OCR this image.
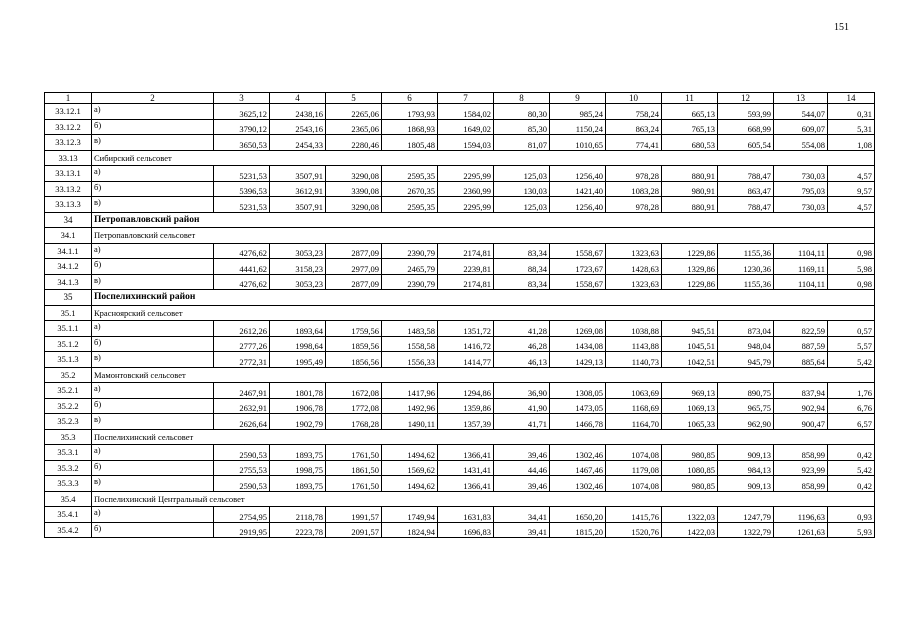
151
1	2	3	4	5	6	7	8	9	10	11	12	13	14
33.12.1	а)	3625,12	2438,16	2265,06	1793,93	1584,02	80,30	985,24	758,24	665,13	593,99	544,07	0,31
33.12.2	б)	3790,12	2543,16	2365,06	1868,93	1649,02	85,30	1150,24	863,24	765,13	668,99	609,07	5,31
33.12.3	в)	3650,53	2454,33	2280,46	1805,48	1594,03	81,07	1010,65	774,41	680,53	605,54	554,08	1,08
33.13	Сибирский сельсовет												
33.13.1	а)	5231,53	3507,91	3290,08	2595,35	2295,99	125,03	1256,40	978,28	880,91	788,47	730,03	4,57
33.13.2	б)	5396,53	3612,91	3390,08	2670,35	2360,99	130,03	1421,40	1083,28	980,91	863,47	795,03	9,57
33.13.3	в)	5231,53	3507,91	3290,08	2595,35	2295,99	125,03	1256,40	978,28	880,91	788,47	730,03	4,57
34	Петропавловский район												
34.1	Петропавловский сельсовет												
34.1.1	а)	4276,62	3053,23	2877,09	2390,79	2174,81	83,34	1558,67	1323,63	1229,86	1155,36	1104,11	0,98
34.1.2	б)	4441,62	3158,23	2977,09	2465,79	2239,81	88,34	1723,67	1428,63	1329,86	1230,36	1169,11	5,98
34.1.3	в)	4276,62	3053,23	2877,09	2390,79	2174,81	83,34	1558,67	1323,63	1229,86	1155,36	1104,11	0,98
35	Поспелихинский район												
35.1	Красноярский сельсовет												
35.1.1	а)	2612,26	1893,64	1759,56	1483,58	1351,72	41,28	1269,08	1038,88	945,51	873,04	822,59	0,57
35.1.2	б)	2777,26	1998,64	1859,56	1558,58	1416,72	46,28	1434,08	1143,88	1045,51	948,04	887,59	5,57
35.1.3	в)	2772,31	1995,49	1856,56	1556,33	1414,77	46,13	1429,13	1140,73	1042,51	945,79	885,64	5,42
35.2	Мамонтовский сельсовет												
35.2.1	а)	2467,91	1801,78	1672,08	1417,96	1294,86	36,90	1308,05	1063,69	969,13	890,75	837,94	1,76
35.2.2	б)	2632,91	1906,78	1772,08	1492,96	1359,86	41,90	1473,05	1168,69	1069,13	965,75	902,94	6,76
35.2.3	в)	2626,64	1902,79	1768,28	1490,11	1357,39	41,71	1466,78	1164,70	1065,33	962,90	900,47	6,57
35.3	Поспелихинский сельсовет												
35.3.1	а)	2590,53	1893,75	1761,50	1494,62	1366,41	39,46	1302,46	1074,08	980,85	909,13	858,99	0,42
35.3.2	б)	2755,53	1998,75	1861,50	1569,62	1431,41	44,46	1467,46	1179,08	1080,85	984,13	923,99	5,42
35.3.3	в)	2590,53	1893,75	1761,50	1494,62	1366,41	39,46	1302,46	1074,08	980,85	909,13	858,99	0,42
35.4	Поспелихинский Центральный сельсовет												
35.4.1	а)	2754,95	2118,78	1991,57	1749,94	1631,83	34,41	1650,20	1415,76	1322,03	1247,79	1196,63	0,93
35.4.2	б)	2919,95	2223,78	2091,57	1824,94	1696,83	39,41	1815,20	1520,76	1422,03	1322,79	1261,63	5,93
